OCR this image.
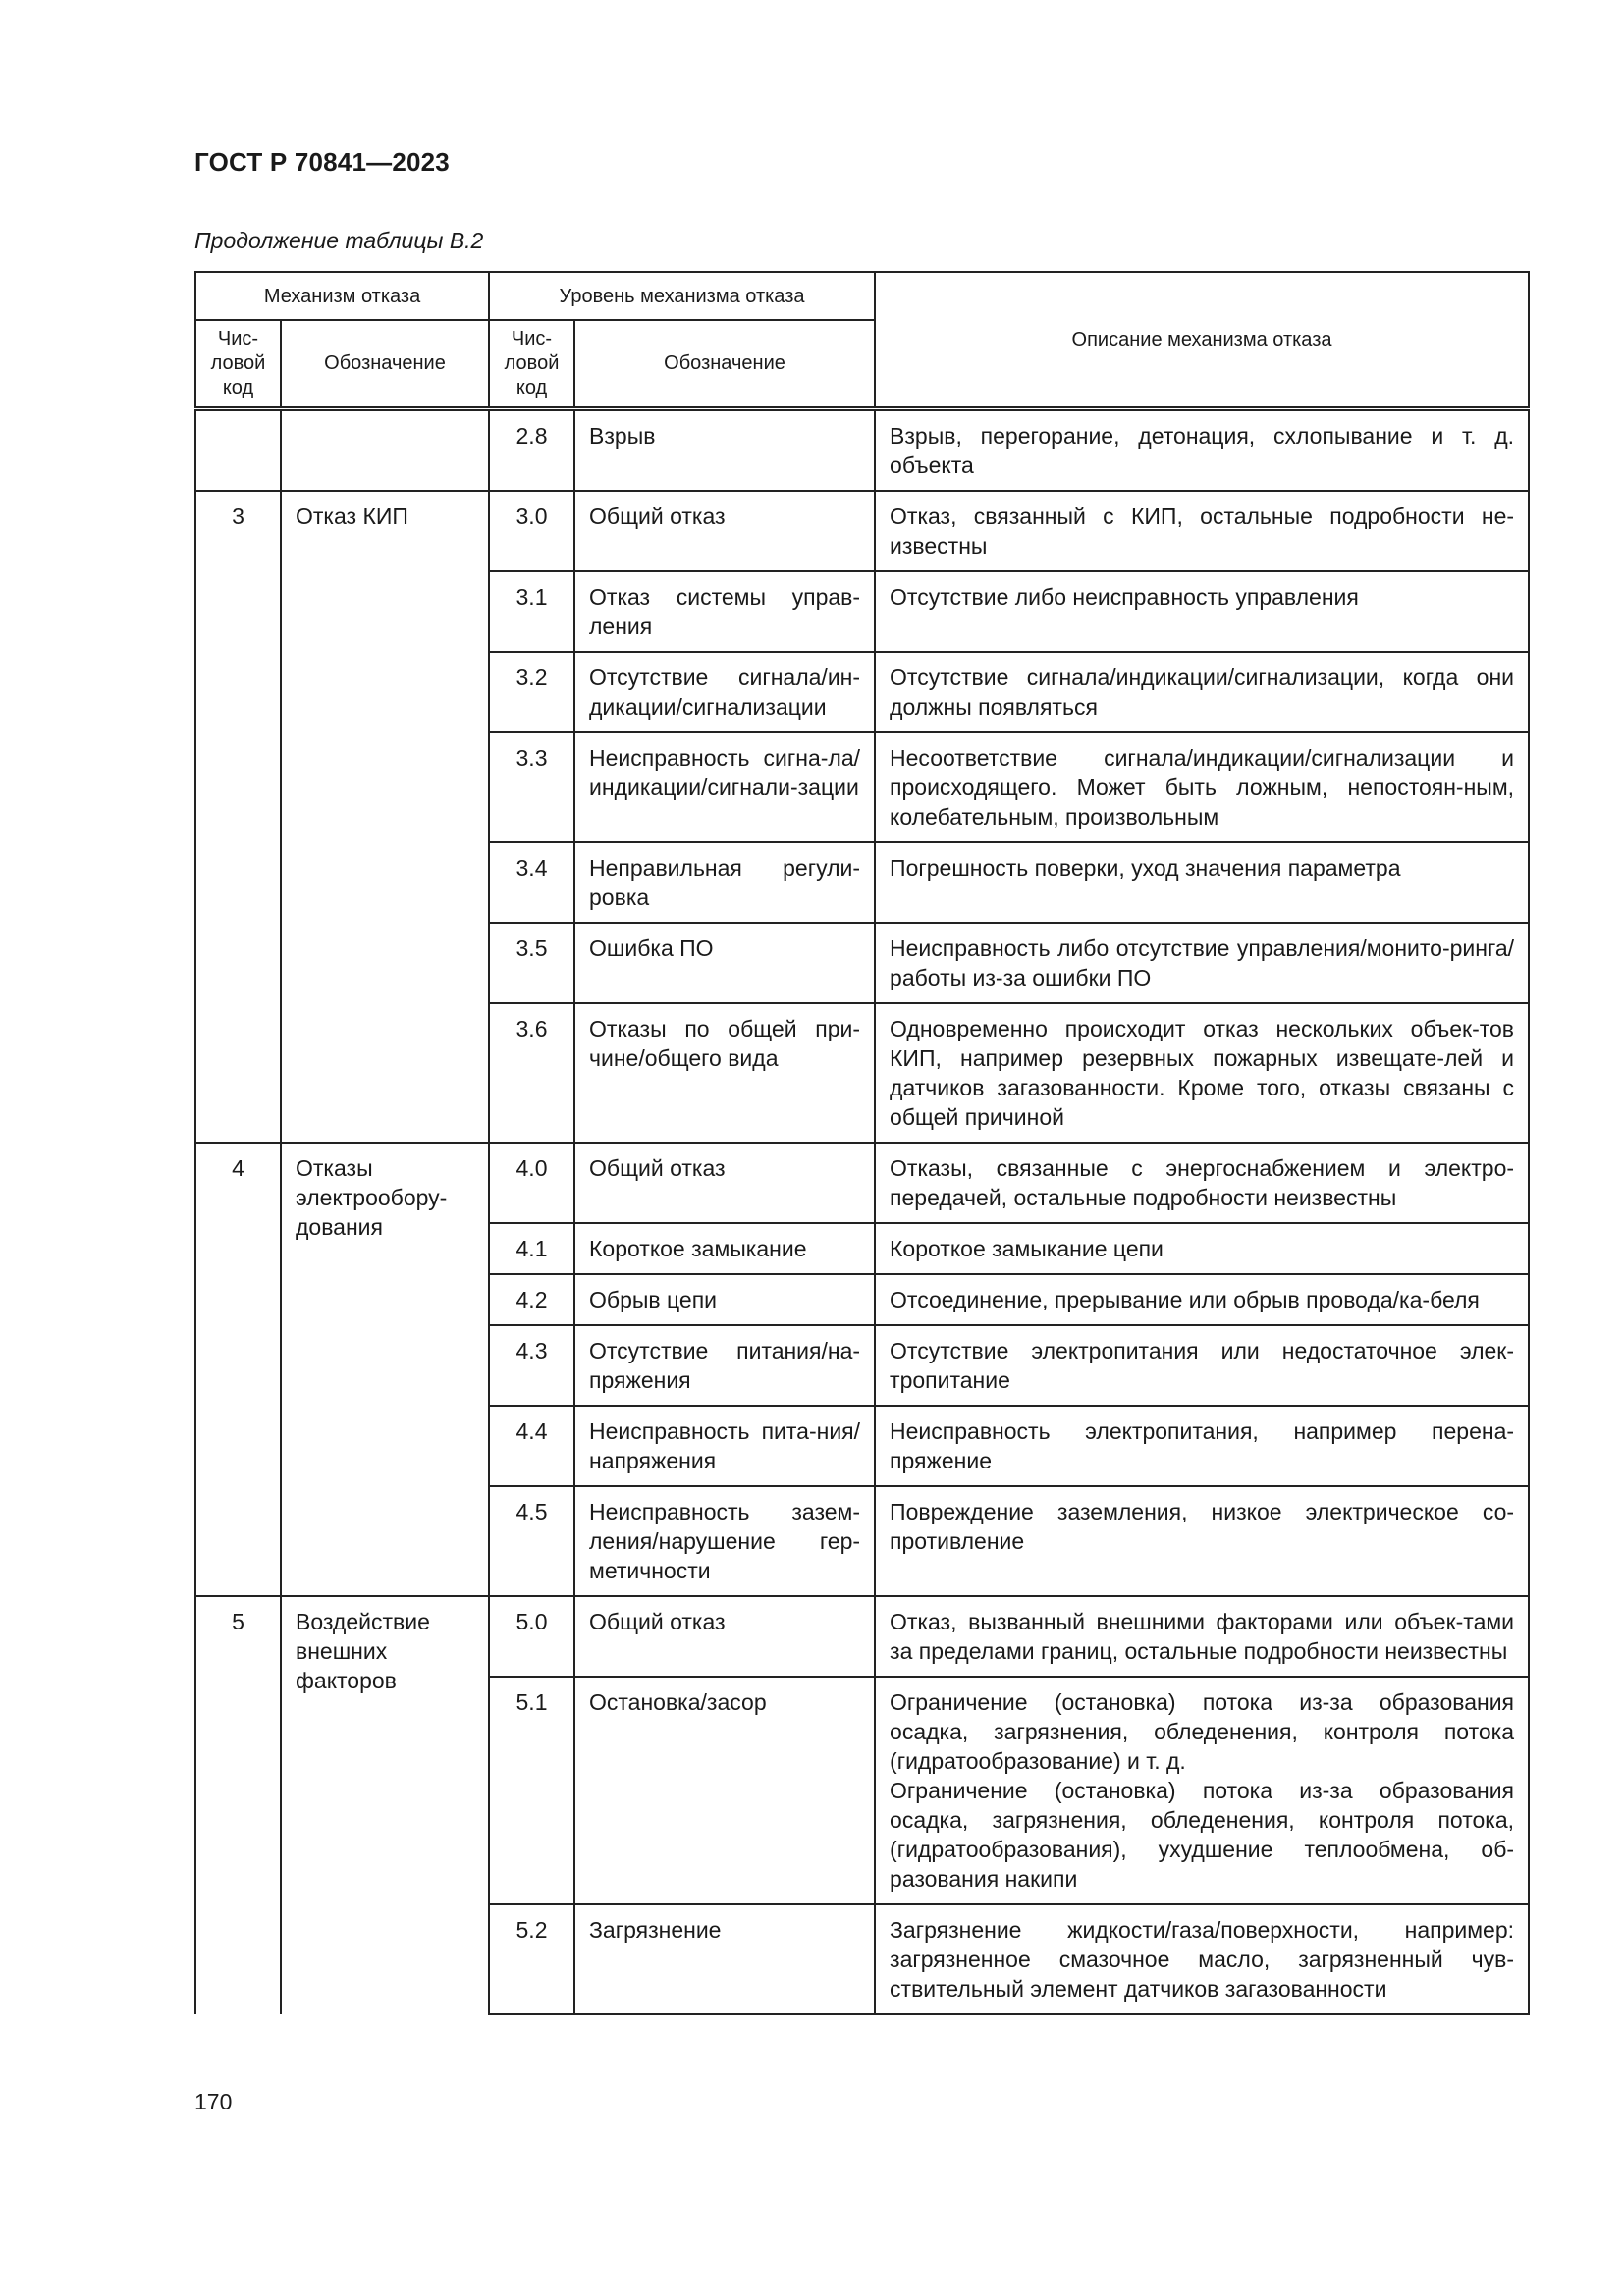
ГОСТ Р 70841—2023
Продолжение таблицы В.2
Механизм отказа		Уровень механизма отказа		Описание механизма отказа
Чис-
ловой
код	Обозначение	Чис-
ловой
код	Обозначение	
		2.8	Взрыв	Взрыв, перегорание, детонация, схлопывание и т. д. объекта
3	Отказ КИП	3.0	Общий отказ	Отказ, связанный с КИП, остальные подробности не-известны
		3.1	Отказ системы управ-ления	Отсутствие либо неисправность управления
		3.2	Отсутствие сигнала/ин-дикации/сигнализации	Отсутствие сигнала/индикации/сигнализации, когда они должны появляться
		3.3	Неисправность сигна-ла/индикации/сигнали-зации	Несоответствие сигнала/индикации/сигнализации и происходящего. Может быть ложным, непостоян-ным, колебательным, произвольным
		3.4	Неправильная регули-ровка	Погрешность поверки, уход значения параметра
		3.5	Ошибка ПО	Неисправность либо отсутствие управления/монито-ринга/работы из-за ошибки ПО
		3.6	Отказы по общей при-чине/общего вида	Одновременно происходит отказ нескольких объек-тов КИП, например резервных пожарных извещате-лей и датчиков загазованности. Кроме того, отказы связаны с общей причиной
4	Отказы электрообору-дования	4.0	Общий отказ	Отказы, связанные с энергоснабжением и электро-передачей, остальные подробности неизвестны
		4.1	Короткое замыкание	Короткое замыкание цепи
		4.2	Обрыв цепи	Отсоединение, прерывание или обрыв провода/ка-беля
		4.3	Отсутствие питания/на-пряжения	Отсутствие электропитания или недостаточное элек-тропитание
		4.4	Неисправность пита-ния/напряжения	Неисправность электропитания, например перена-пряжение
		4.5	Неисправность зазем-ления/нарушение гер-метичности	Повреждение заземления, низкое электрическое со-противление
5	Воздействие внешних факторов	5.0	Общий отказ	Отказ, вызванный внешними факторами или объек-тами за пределами границ, остальные подробности неизвестны
		5.1	Остановка/засор	Ограничение (остановка) потока из-за образования осадка, загрязнения, обледенения, контроля потока (гидратообразование) и т. д.
Ограничение (остановка) потока из-за образования осадка, загрязнения, обледенения, контроля потока, (гидратообразования), ухудшение теплообмена, об-разования накипи
		5.2	Загрязнение	Загрязнение жидкости/газа/поверхности, например: загрязненное смазочное масло, загрязненный чув-ствительный элемент датчиков загазованности
170
